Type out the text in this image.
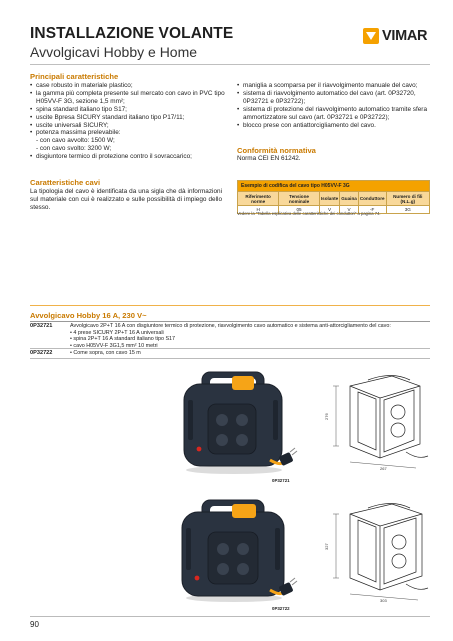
INSTALLAZIONE VOLANTE
Avvolgicavi Hobby e Home
VIMAR
Principali caratteristiche
• case robusto in materiale plastico;
• la gamma più completa presente sul mercato con cavo in PVC tipo H05VV-F 3G, sezione 1,5 mm²;
• spina standard italiano tipo S17;
• uscite Bpresa SICURY standard italiano tipo P17/11;
• uscite universali SICURY;
• potenza massima prelevabile:
- con cavo avvolto: 1500 W;
- con cavo svolto: 3200 W;
• disgiuntore termico di protezione contro il sovraccarico;
• maniglia a scomparsa per il riavvolgimento manuale del cavo;
• sistema di riavvolgimento automatico del cavo (art. 0P32720, 0P32721 e 0P32722);
• sistema di protezione del riavvolgimento automatico tramite sfera ammortizzatore sul cavo (art. 0P32721 e 0P32722);
• blocco prese con antiattorcigliamento del cavo.
Conformità normativa
Norma CEI EN 61242.
Caratteristiche cavi
La tipologia del cavo è identificata da una sigla che dà informazioni sul materiale con cui è realizzato e sulle possibilità di impiego dello stesso.
Esempio di codifica del cavo tipo H05VV-F 3G					
Riferimento norme	Tensione nominale	Isolante	Guaina	Conduttore	Numero di fili (N.L.g)
H	05	V	V	-F	3G
Vedere la "Tabella esplicativa delle caratteristiche dei conduttori" a pagina 74.
Avvolgicavo Hobby 16 A, 230 V~
0P32721	Avvolgicavo 2P+T 16 A con disgiuntore termico di protezione, riavvolgimento cavo automatico e sistema anti-attorcigliamento del cavo:
• 4 prese SICURY 2P+T 16 A universali
• spina 2P+T 16 A standard italiano tipo S17
• cavo H05VV-F 3G1,5 mm² 10 metri
0P32722	• Come sopra, con cavo 15 m
0P32721
276
267
0P32722
327
303
90
